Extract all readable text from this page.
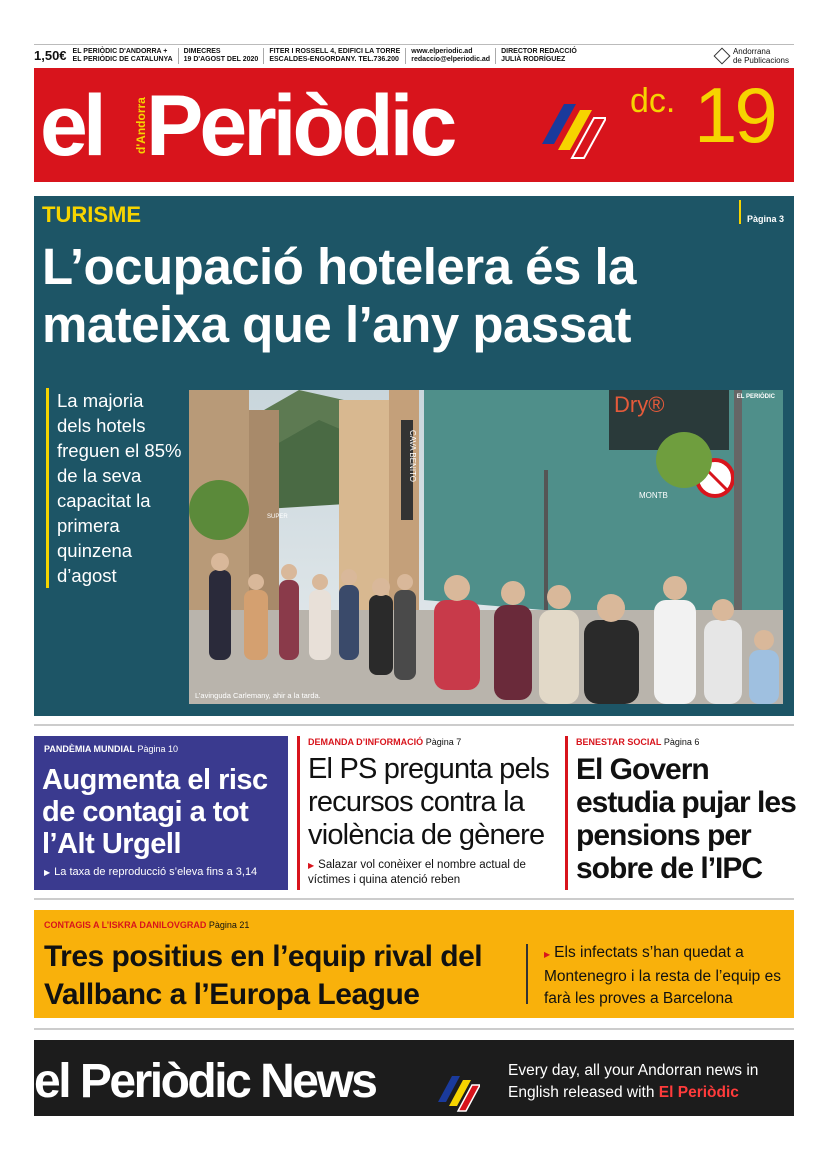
1,50€ EL PERIÒDIC D'ANDORRA +
EL PERIÒDIC DE CATALUNYA
DIMECRES
19 D'AGOST DEL 2020
FITER I ROSSELL 4, EDIFICI LA TORRE
ESCALDES-ENGORDANY. TEL.736.200
www.elperiodic.ad
redaccio@elperiodic.ad
DIRECTOR REDACCIÓ
JULIÀ RODRÍGUEZ
Andorrana
de Publicacions
el	d'Andorra
Periòdic	dc. 19
TURISME	Pàgina 3
L’ocupació hotelera és la mateixa que l’any passat
La majoria dels hotels freguen el 85% de la seva capacitat la primera quinzena d’agost
Dry®
CAVA BENITO
MONTB
SUPER
EL PERIÒDIC
L’avinguda Carlemany, ahir a la tarda.
PANDÈMIA MUNDIAL Pàgina 10
Augmenta el risc de contagi a tot l’Alt Urgell
▶ La taxa de reproducció s’eleva fins a 3,14
DEMANDA D’INFORMACIÓ Pàgina 7
El PS pregunta pels recursos contra la violència de gènere
▶ Salazar vol conèixer el nombre actual de víctimes i quina atenció reben
BENESTAR SOCIAL Pàgina 6
El Govern estudia pujar les pensions per sobre de l’IPC
CONTAGIS A L’ISKRA DANILOVGRAD Pàgina 21
Tres positius en l’equip rival del Vallbanc a l’Europa League
▶ Els infectats s’han quedat a Montenegro i la resta de l’equip es farà les proves a Barcelona
el Periòdic News	Every day, all your Andorran news in English released with El Periòdic
